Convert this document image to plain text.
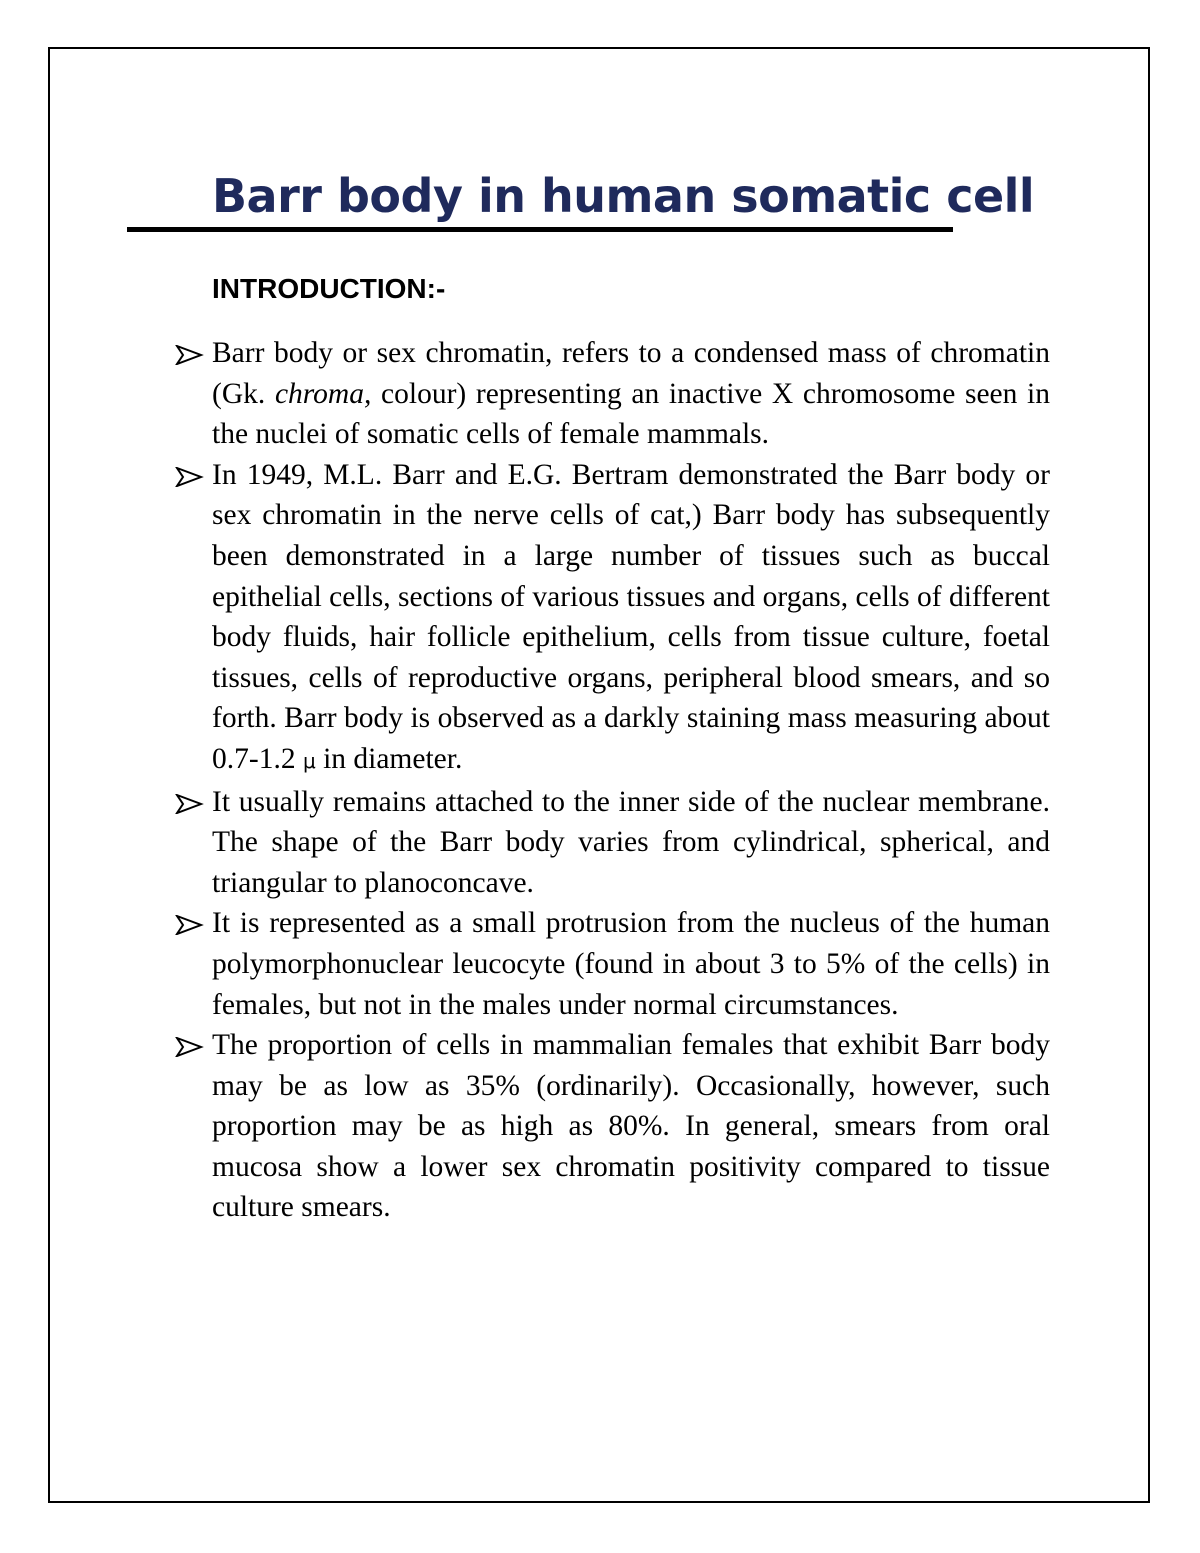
Barr body in human somatic cell
INTRODUCTION:-
Barr body or sex chromatin, refers to a condensed mass of chromatin (Gk. chroma, colour) representing an inactive X chromosome seen in the nuclei of somatic cells of female mammals.
In 1949, M.L. Barr and E.G. Bertram demonstrated the Barr body or sex chromatin in the nerve cells of cat,) Barr body has subsequently been demonstrated in a large number of tissues such as buccal epithelial cells, sections of various tissues and organs, cells of different body fluids, hair follicle epithelium, cells from tissue culture, foetal tissues, cells of reproductive organs, peripheral blood smears, and so forth. Barr body is observed as a darkly staining mass measuring about 0.7-1.2 μ in diameter.
It usually remains attached to the inner side of the nuclear membrane. The shape of the Barr body varies from cylindrical, spherical, and triangular to planoconcave.
It is represented as a small protrusion from the nucleus of the human polymorphonuclear leucocyte (found in about 3 to 5% of the cells) in females, but not in the males under normal circumstances.
The proportion of cells in mammalian females that exhibit Barr body may be as low as 35% (ordinarily). Occasionally, however, such proportion may be as high as 80%. In general, smears from oral mucosa show a lower sex chromatin positivity compared to tissue culture smears.
